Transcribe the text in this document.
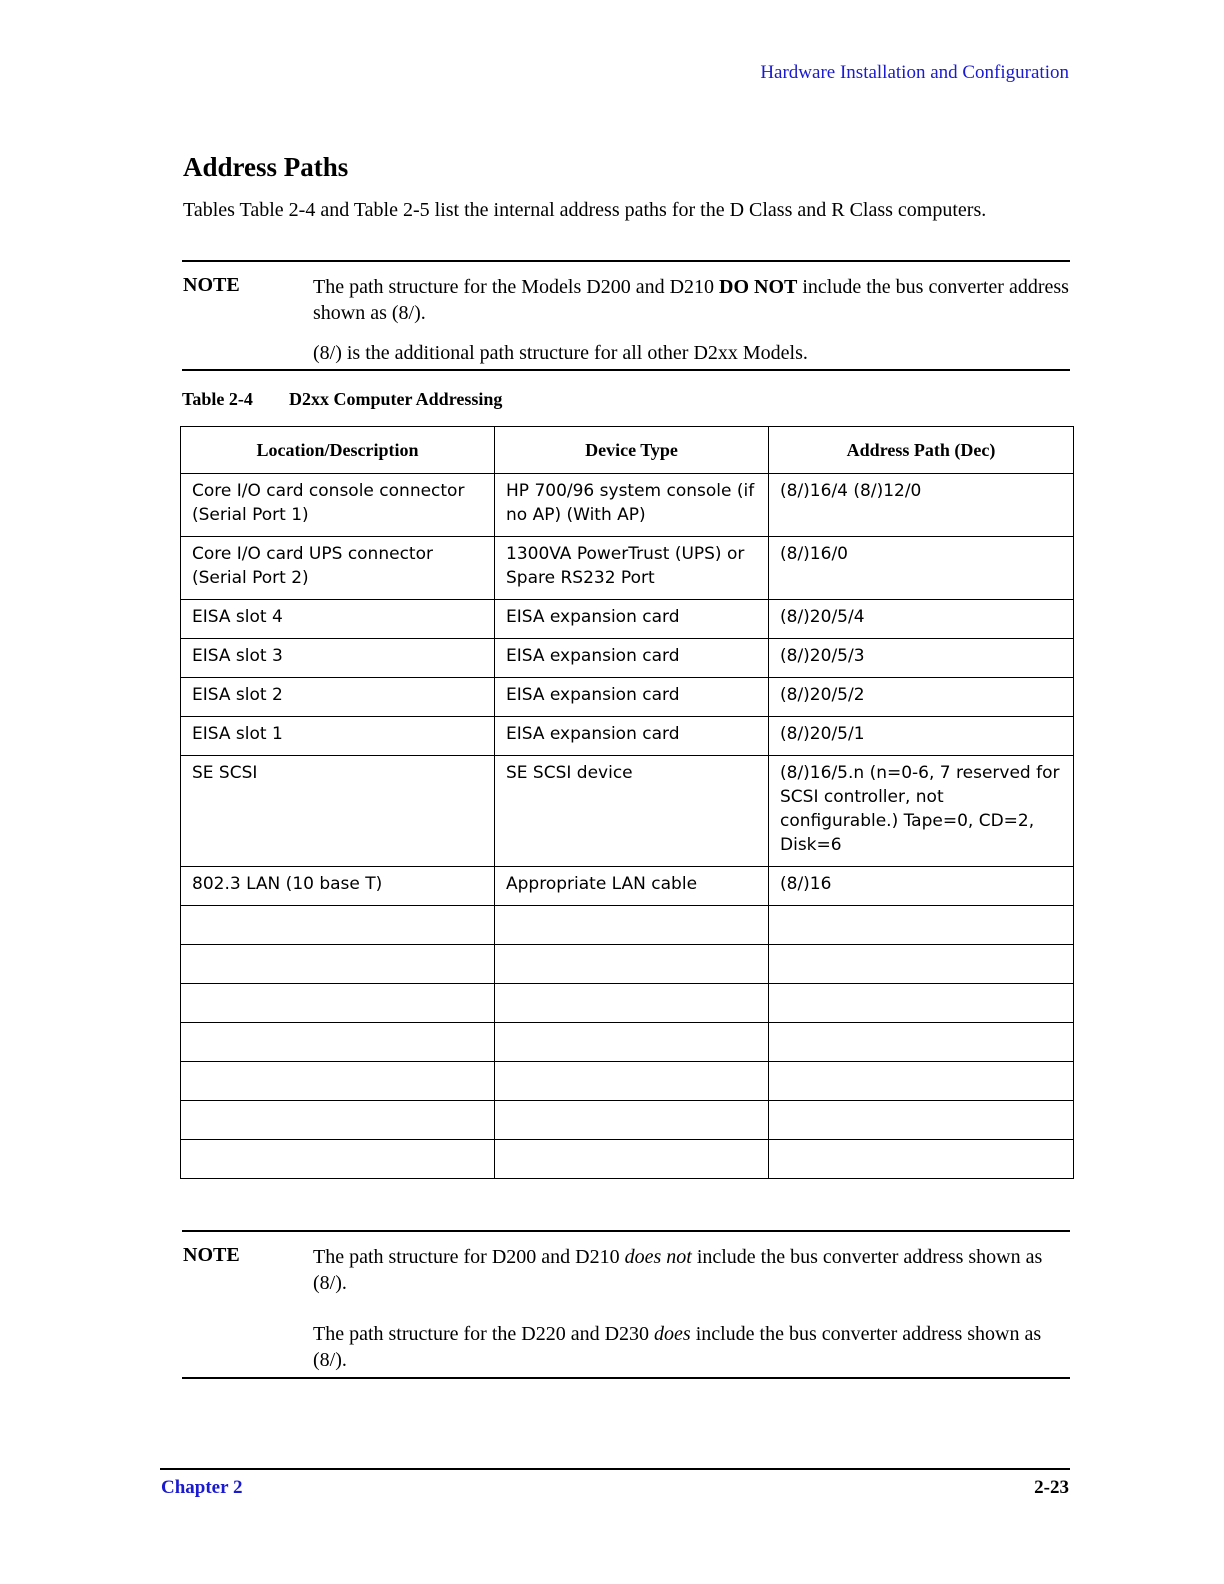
Hardware Installation and Configuration
Address Paths
Tables Table 2-4 and Table 2-5 list the internal address paths for the D Class and R Class computers.
NOTE	The path structure for the Models D200 and D210 DO NOT include the bus converter address shown as (8/).
(8/) is the additional path structure for all other D2xx Models.
Table 2-4 D2xx Computer Addressing
Location/Description	Device Type	Address Path (Dec)
Core I/O card console connector (Serial Port 1)	HP 700/96 system console (if no AP) (With AP)	(8/)16/4 (8/)12/0
Core I/O card UPS connector (Serial Port 2)	1300VA PowerTrust (UPS) or Spare RS232 Port	(8/)16/0
EISA slot 4	EISA expansion card	(8/)20/5/4
EISA slot 3	EISA expansion card	(8/)20/5/3
EISA slot 2	EISA expansion card	(8/)20/5/2
EISA slot 1	EISA expansion card	(8/)20/5/1
SE SCSI	SE SCSI device	(8/)16/5.n (n=0-6, 7 reserved for SCSI controller, not configurable.) Tape=0, CD=2, Disk=6
802.3 LAN (10 base T)	Appropriate LAN cable	(8/)16

NOTE	The path structure for D200 and D210 does not include the bus converter address shown as (8/).
The path structure for the D220 and D230 does include the bus converter address shown as (8/).
Chapter 2	2-23
